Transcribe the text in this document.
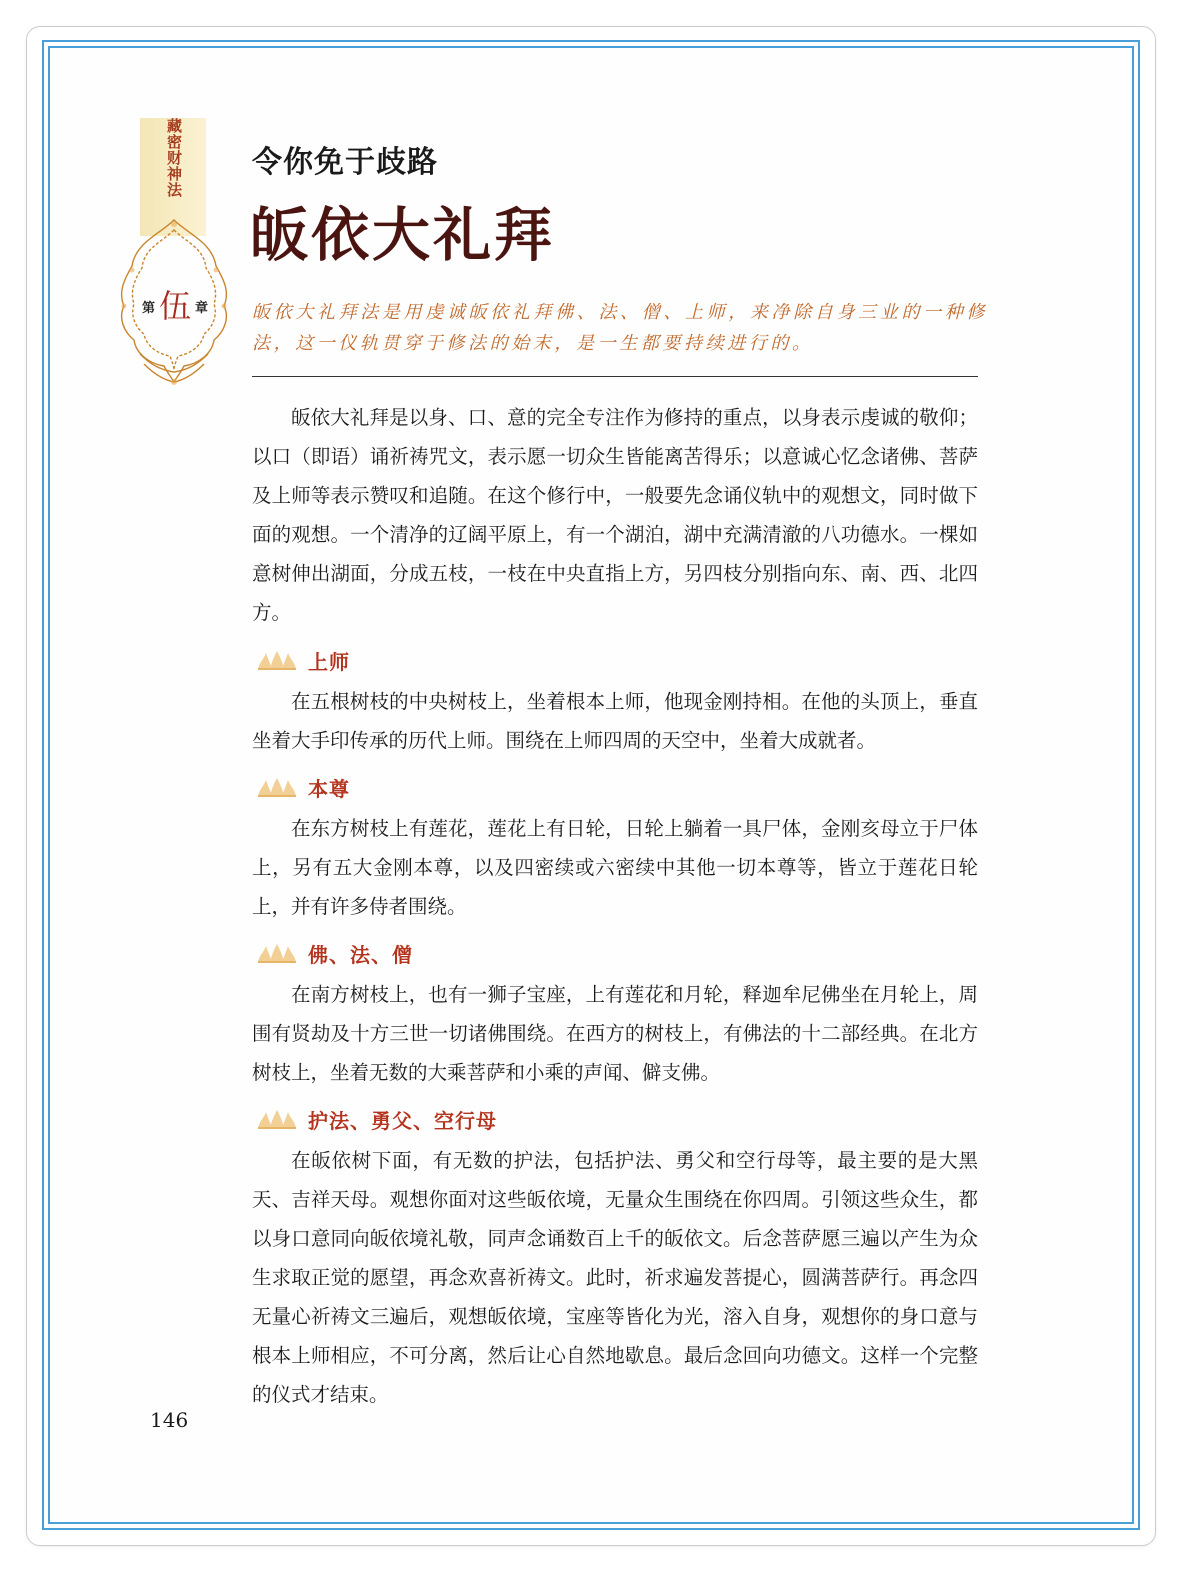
藏密财神法
第 伍 章
令你免于歧路
皈依大礼拜
皈依大礼拜法是用虔诚皈依礼拜佛、法、僧、上师，来净除自身三业的一种修法，这一仪轨贯穿于修法的始末，是一生都要持续进行的。
皈依大礼拜是以身、口、意的完全专注作为修持的重点，以身表示虔诚的敬仰；以口（即语）诵祈祷咒文，表示愿一切众生皆能离苦得乐；以意诚心忆念诸佛、菩萨及上师等表示赞叹和追随。在这个修行中，一般要先念诵仪轨中的观想文，同时做下面的观想。一个清净的辽阔平原上，有一个湖泊，湖中充满清澈的八功德水。一棵如意树伸出湖面，分成五枝，一枝在中央直指上方，另四枝分别指向东、南、西、北四方。
上师
在五根树枝的中央树枝上，坐着根本上师，他现金刚持相。在他的头顶上，垂直坐着大手印传承的历代上师。围绕在上师四周的天空中，坐着大成就者。
本尊
在东方树枝上有莲花，莲花上有日轮，日轮上躺着一具尸体，金刚亥母立于尸体上，另有五大金刚本尊，以及四密续或六密续中其他一切本尊等，皆立于莲花日轮上，并有许多侍者围绕。
佛、法、僧
在南方树枝上，也有一狮子宝座，上有莲花和月轮，释迦牟尼佛坐在月轮上，周围有贤劫及十方三世一切诸佛围绕。在西方的树枝上，有佛法的十二部经典。在北方树枝上，坐着无数的大乘菩萨和小乘的声闻、僻支佛。
护法、勇父、空行母
在皈依树下面，有无数的护法，包括护法、勇父和空行母等，最主要的是大黑天、吉祥天母。观想你面对这些皈依境，无量众生围绕在你四周。引领这些众生，都以身口意同向皈依境礼敬，同声念诵数百上千的皈依文。后念菩萨愿三遍以产生为众生求取正觉的愿望，再念欢喜祈祷文。此时，祈求遍发菩提心，圆满菩萨行。再念四无量心祈祷文三遍后，观想皈依境，宝座等皆化为光，溶入自身，观想你的身口意与根本上师相应，不可分离，然后让心自然地歇息。最后念回向功德文。这样一个完整的仪式才结束。
146
